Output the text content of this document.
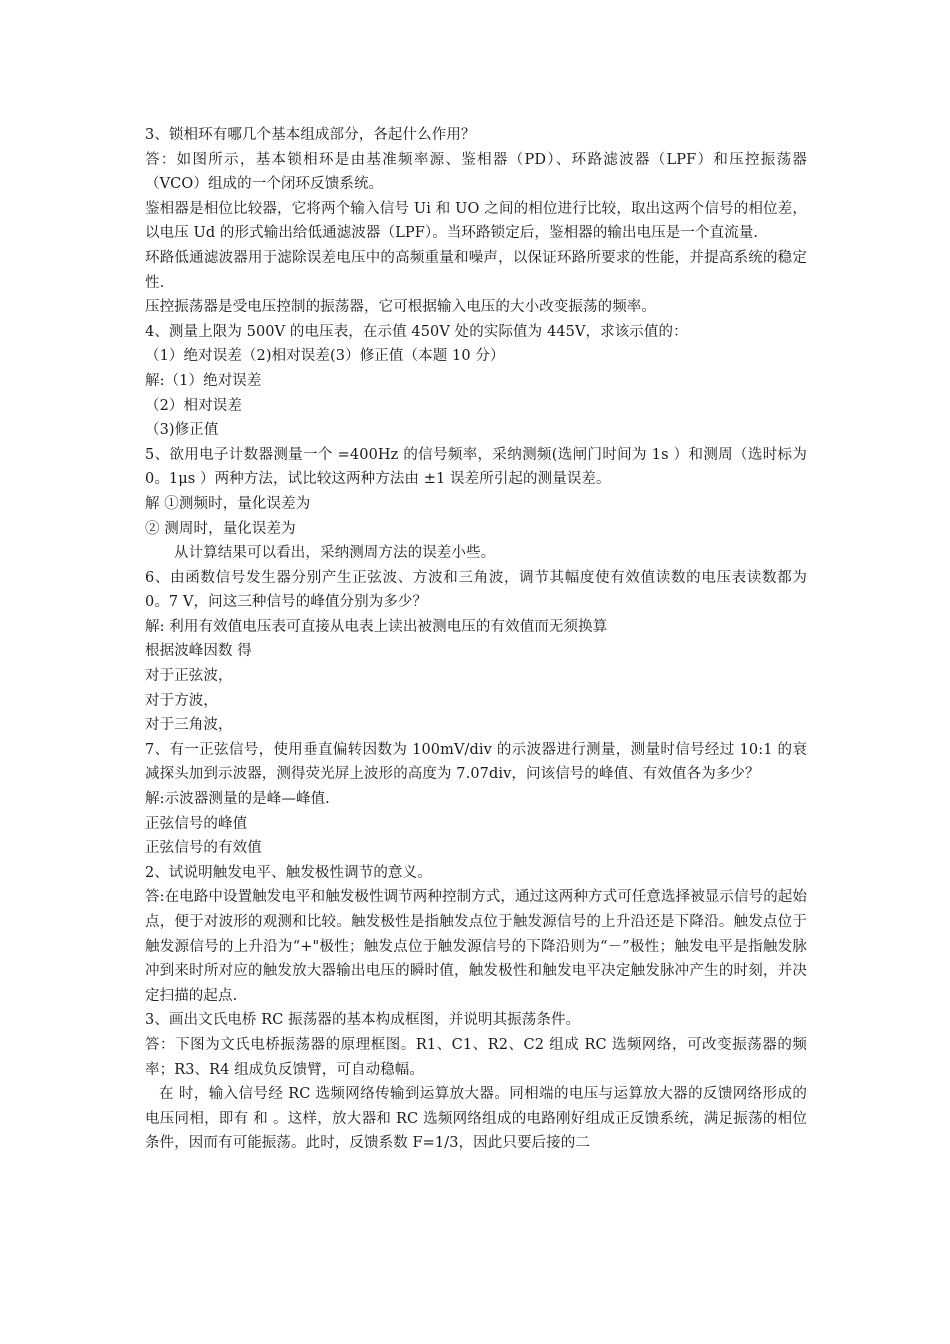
3、锁相环有哪几个基本组成部分，各起什么作用？

答：如图所示，基本锁相环是由基准频率源、鉴相器（PD）、环路滤波器（LPF）和压控振荡器（VCO）组成的一个闭环反馈系统。

鉴相器是相位比较器，它将两个输入信号 Ui 和 UO 之间的相位进行比较，取出这两个信号的相位差，以电压 Ud 的形式输出给低通滤波器（LPF）。当环路锁定后，鉴相器的输出电压是一个直流量.

环路低通滤波器用于滤除误差电压中的高频重量和噪声，以保证环路所要求的性能，并提高系统的稳定性.

压控振荡器是受电压控制的振荡器，它可根据输入电压的大小改变振荡的频率。

4、测量上限为 500V 的电压表，在示值 450V 处的实际值为 445V，求该示值的：

（1）绝对误差（2)相对误差(3）修正值（本题 10 分）

解:（1）绝对误差

（2）相对误差

（3)修正值

5、欲用电子计数器测量一个 =400Hz 的信号频率，采纳测频(选闸门时间为 1s ）和测周（选时标为 0。1μs ）两种方法，试比较这两种方法由 ±1 误差所引起的测量误差。

解 ①测频时，量化误差为

② 测周时，量化误差为

从计算结果可以看出，采纳测周方法的误差小些。

6、由函数信号发生器分别产生正弦波、方波和三角波，调节其幅度使有效值读数的电压表读数都为 0。7 V，问这三种信号的峰值分别为多少？

解: 利用有效值电压表可直接从电表上读出被测电压的有效值而无须换算

根据波峰因数 得

对于正弦波，

对于方波，

对于三角波，

7、有一正弦信号，使用垂直偏转因数为 100mV/div 的示波器进行测量，测量时信号经过 10:1 的衰减探头加到示波器，测得荧光屏上波形的高度为 7.07div，问该信号的峰值、有效值各为多少？

解:示波器测量的是峰—峰值.

正弦信号的峰值

正弦信号的有效值

2、试说明触发电平、触发极性调节的意义。

答:在电路中设置触发电平和触发极性调节两种控制方式，通过这两种方式可任意选择被显示信号的起始点，便于对波形的观测和比较。触发极性是指触发点位于触发源信号的上升沿还是下降沿。触发点位于触发源信号的上升沿为“+"极性；触发点位于触发源信号的下降沿则为“－”极性；触发电平是指触发脉冲到来时所对应的触发放大器输出电压的瞬时值，触发极性和触发电平决定触发脉冲产生的时刻，并决定扫描的起点.

3、画出文氏电桥 RC 振荡器的基本构成框图，并说明其振荡条件。

答：下图为文氏电桥振荡器的原理框图。R1、C1、R2、C2 组成 RC 选频网络，可改变振荡器的频率；R3、R4 组成负反馈臂，可自动稳幅。

在 时，输入信号经 RC 选频网络传输到运算放大器。同相端的电压与运算放大器的反馈网络形成的电压同相，即有 和 。这样，放大器和 RC 选频网络组成的电路刚好组成正反馈系统，满足振荡的相位条件，因而有可能振荡。此时，反馈系数 F=1/3，因此只要后接的二
